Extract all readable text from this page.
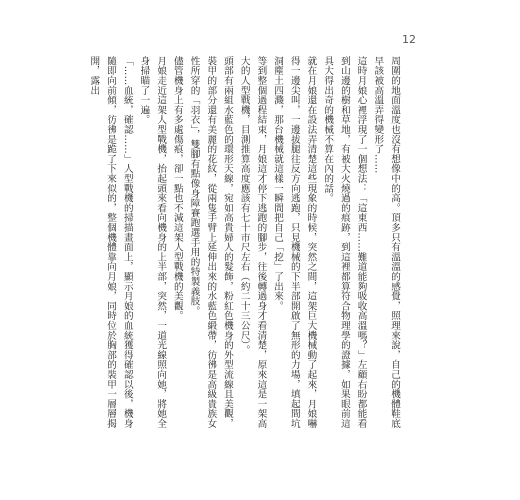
12

周圍的地面溫度也沒有想像中的高。頂多只有溫溫的感覺，照理來說，自己的機體鞋底早該被高溫弄得變形了……

這時月娘心裡浮現了一個想法：「這東西……難道能夠吸收高溫嗎？」左顧右盼都能看到山邊的樹和草地，有被大火燒過的痕跡，到這裡都算符合物理學的證據，如果眼前這具大得出奇的機械不算在內的話。

就在月娘還在設法弄清楚這些現象的時候，突然之間，這架巨大機械動了起來，月娘嚇得一邊尖叫，一邊拔腿往反方向逃跑，只見機械的下半部開啟了無形的力場，填起間坑洞塵土四濺，那台機械就這樣一瞬間把自己「挖」了出來。

等到整個過程結束，月娘這才停下逃跑的腳步，往後轉過身才看清楚，原來這是一架高大的人型戰機，目測推算高度應該有七十市尺左右（約二十三公尺）。

頭部有兩組水藍色的環形天線，宛如高貴婦人的髮飾，粉紅色機身的外型流線且美觀，裝甲的部分還有美麗的花紋，從兩隻手臂上延伸出來的水藍色緞帶，彷彿是高級貴族女性所穿的「羽衣」，雙腳有點像身障賽跑選手用的特製義肢。

儘管機身上有多處傷痕，卻一點也不減這架人型戰機的美觀。

月娘走近這架人型戰機，抬起頭來看向機身的上半部，突然，一道光線照向她，將她全身掃瞄了一遍。

「……血統，確認……」人型戰機的掃描畫面上，顯示月娘的血統獲得確認以後，機身隨即向前傾，彷彿是跪了下來似的，整個機體靠向月娘，同時位於胸部的裝甲一層層揭開，露出
